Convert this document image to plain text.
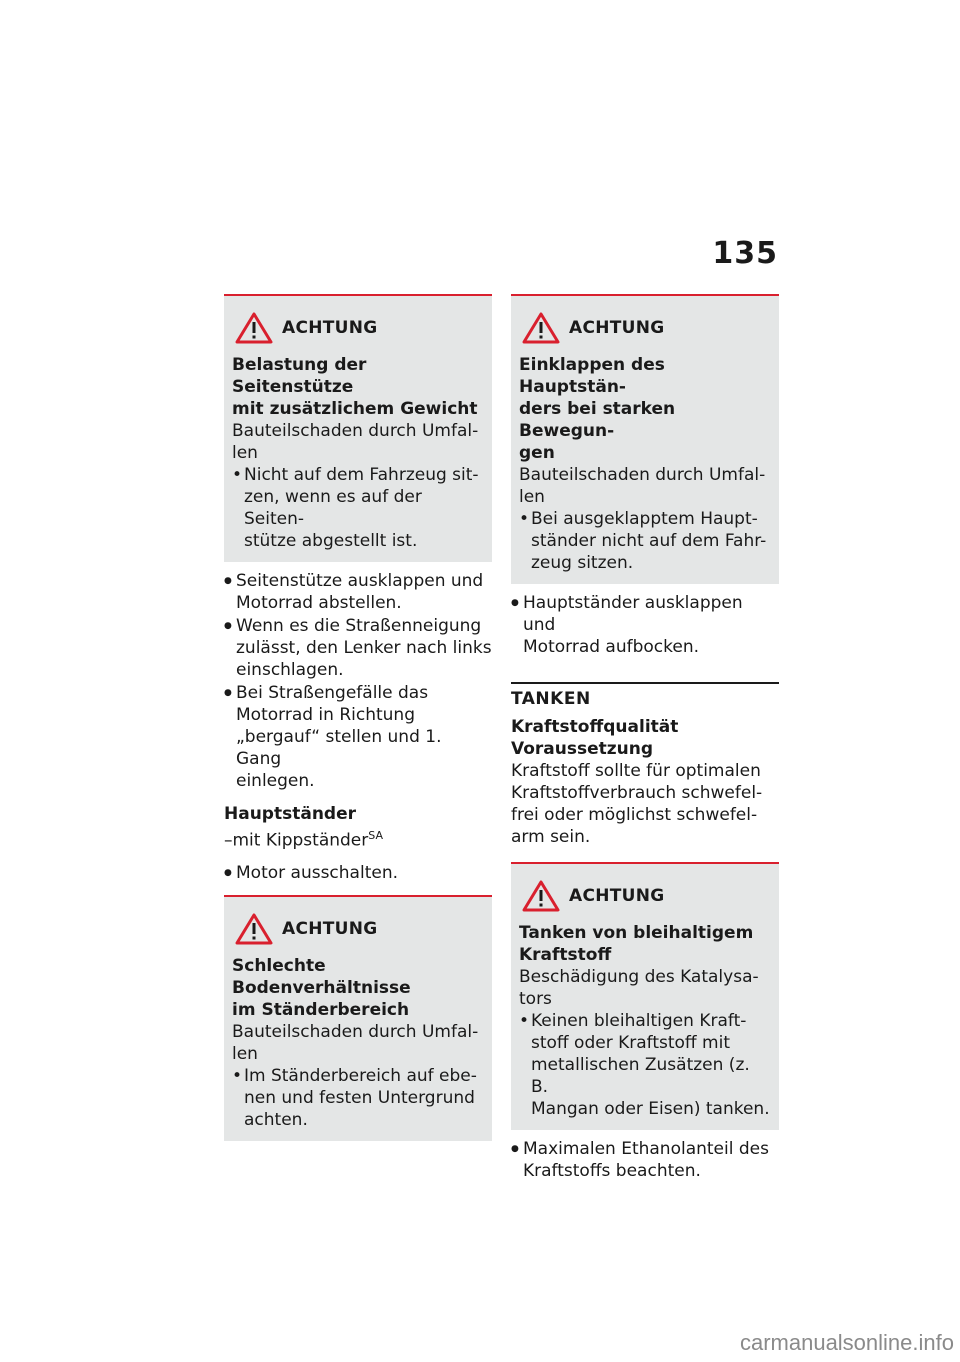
135
ACHTUNG
Belastung der Seitenstütze
mit zusätzlichem Gewicht
Bauteilschaden durch Umfal-
len
• Nicht auf dem Fahrzeug sit-
zen, wenn es auf der Seiten-
stütze abgestellt ist.
● Seitenstütze ausklappen und
Motorrad abstellen.
● Wenn es die Straßenneigung
zulässt, den Lenker nach links
einschlagen.
● Bei Straßengefälle das
Motorrad in Richtung
„bergauf“ stellen und 1. Gang
einlegen.
Hauptständer
–mit Kippständer$^{SA}$
● Motor ausschalten.
ACHTUNG
Schlechte Bodenverhältnisse
im Ständerbereich
Bauteilschaden durch Umfal-
len
• Im Ständerbereich auf ebe-
nen und festen Untergrund
achten.
ACHTUNG
Einklappen des Hauptstän-
ders bei starken Bewegun-
gen
Bauteilschaden durch Umfal-
len
• Bei ausgeklapptem Haupt-
ständer nicht auf dem Fahr-
zeug sitzen.
● Hauptständer ausklappen und
Motorrad aufbocken.
TANKEN
Kraftstoffqualität
Voraussetzung
Kraftstoff sollte für optimalen
Kraftstoffverbrauch schwefel-
frei oder möglichst schwefel-
arm sein.
ACHTUNG
Tanken von bleihaltigem
Kraftstoff
Beschädigung des Katalysa-
tors
• Keinen bleihaltigen Kraft-
stoff oder Kraftstoff mit
metallischen Zusätzen (z. B.
Mangan oder Eisen) tanken.
● Maximalen Ethanolanteil des
Kraftstoffs beachten.
carmanualsonline.info
